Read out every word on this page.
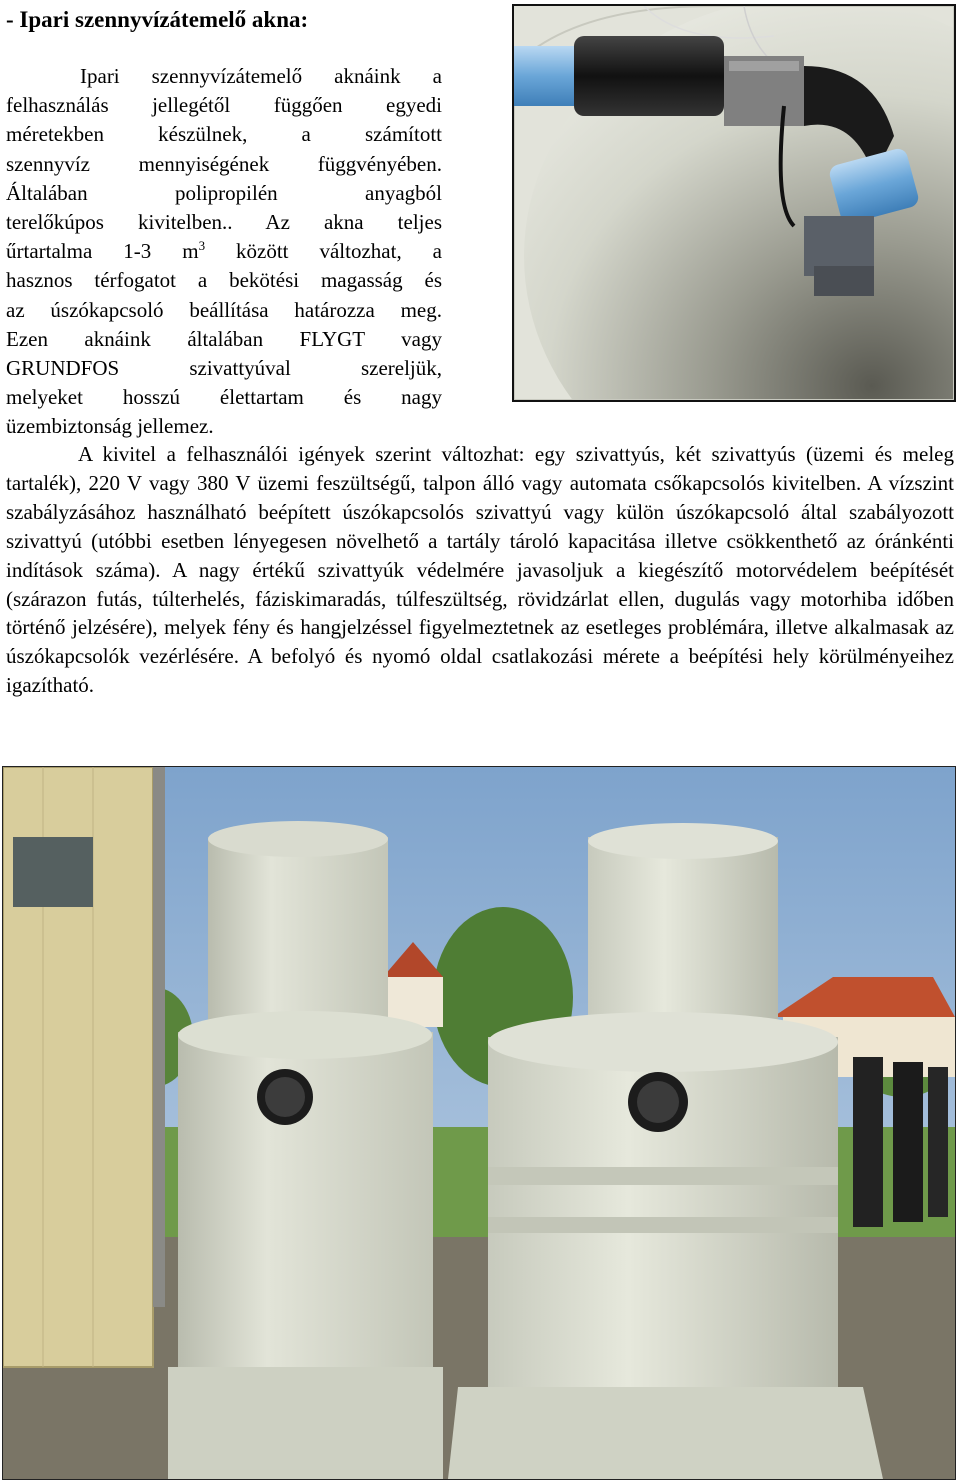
- Ipari szennyvízátemelő akna:

Ipari szennyvízátemelő aknáink a

felhasználás jellegétől függően egyedi

méretekben készülnek, a számított

szennyvíz mennyiségének függvényében.

Általában polipropilén anyagból

terelőkúpos kivitelben.. Az akna teljes

űrtartalma 1-3 $m^3$ között változhat, a

hasznos térfogatot a bekötési magasság és

az úszókapcsoló beállítása határozza meg.

Ezen aknáink általában FLYGT vagy

GRUNDFOS szivattyúval szereljük,

melyeket hosszú élettartam és nagy

üzembiztonság jellemez.

A kivitel a felhasználói igények szerint változhat: egy szivattyús, két szivattyús (üzemi és meleg tartalék), 220 V vagy 380 V üzemi feszültségű, talpon álló vagy automata csőkapcsolós kivitelben. A vízszint szabályzásához használható beépített úszókapcsolós szivattyú vagy külön úszókapcsoló által szabályozott szivattyú (utóbbi esetben lényegesen növelhető a tartály tároló kapacitása illetve csökkenthető az óránkénti indítások száma). A nagy értékű szivattyúk védelmére javasoljuk a kiegészítő motorvédelem beépítését (szárazon futás, túlterhelés, fáziskimaradás, túlfeszültség, rövidzárlat ellen, dugulás vagy motorhiba időben történő jelzésére), melyek fény és hangjelzéssel figyelmeztetnek az esetleges problémára, illetve alkalmasak az úszókapcsolók vezérlésére. A befolyó és nyomó oldal csatlakozási mérete a beépítési hely körülményeihez igazítható.
